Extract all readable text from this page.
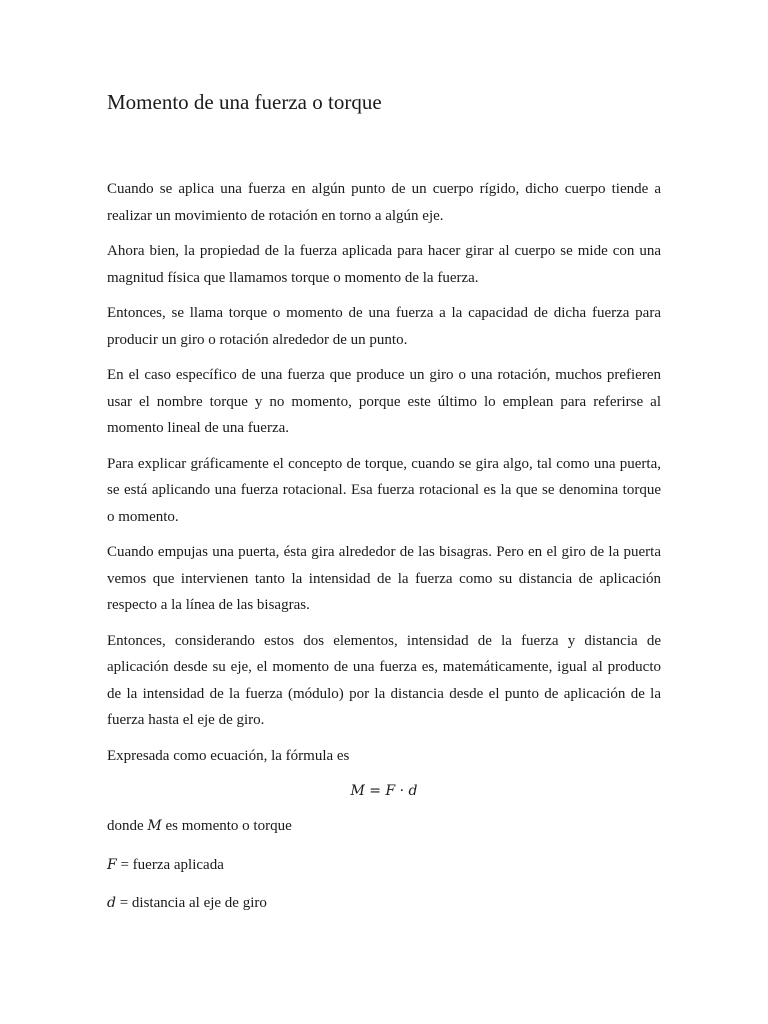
Momento de una fuerza o torque

Cuando se aplica una fuerza en algún punto de un cuerpo rígido, dicho cuerpo tiende a realizar un movimiento de rotación en torno a algún eje.

Ahora bien, la propiedad de la fuerza aplicada para hacer girar al cuerpo se mide con una magnitud física que llamamos torque o momento de la fuerza.

Entonces, se llama torque o momento de una fuerza a la capacidad de dicha fuerza para producir un giro o rotación alrededor de un punto.

En el caso específico de una fuerza que produce un giro o una rotación, muchos prefieren usar el nombre torque y no momento, porque este último lo emplean para referirse al momento lineal de una fuerza.

Para explicar gráficamente el concepto de torque, cuando se gira algo, tal como una puerta, se está aplicando una fuerza rotacional. Esa fuerza rotacional es la que se denomina torque o momento.

Cuando empujas una puerta, ésta gira alrededor de las bisagras. Pero en el giro de la puerta vemos que intervienen tanto la intensidad de la fuerza como su distancia de aplicación respecto a la línea de las bisagras.

Entonces, considerando estos dos elementos, intensidad de la fuerza y distancia de aplicación desde su eje, el momento de una fuerza es, matemáticamente, igual al producto de la intensidad de la fuerza (módulo) por la distancia desde el punto de aplicación de la fuerza hasta el eje de giro.

Expresada como ecuación, la fórmula es

M = F · d

donde M es momento o torque

F = fuerza aplicada

d = distancia al eje de giro
